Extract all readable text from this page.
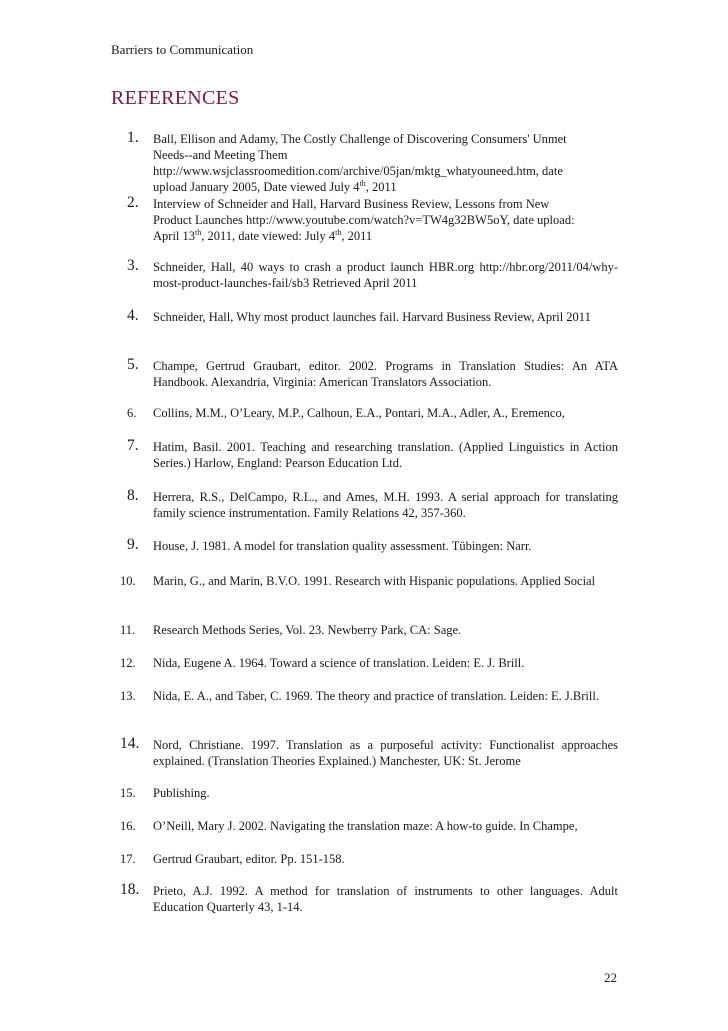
Barriers to Communication
REFERENCES
1. Ball, Ellison and Adamy, The Costly Challenge of Discovering Consumers' Unmet
Needs--and Meeting Them
http://www.wsjclassroomedition.com/archive/05jan/mktg_whatyouneed.htm, date
upload January 2005, Date viewed July 4th, 2011
2. Interview of Schneider and Hall, Harvard Business Review, Lessons from New
Product Launches http://www.youtube.com/watch?v=TW4g32BW5oY, date upload:
April 13th, 2011, date viewed: July 4th, 2011
3. Schneider, Hall, 40 ways to crash a product launch HBR.org http://hbr.org/2011/04/why-most-product-launches-fail/sb3 Retrieved April 2011
4. Schneider, Hall, Why most product launches fail. Harvard Business Review, April 2011
5. Champe, Gertrud Graubart, editor. 2002. Programs in Translation Studies: An ATA Handbook. Alexandria, Virginia: American Translators Association.
6. Collins, M.M., O’Leary, M.P., Calhoun, E.A., Pontari, M.A., Adler, A., Eremenco,
7. Hatim, Basil. 2001. Teaching and researching translation. (Applied Linguistics in Action Series.) Harlow, England: Pearson Education Ltd.
8. Herrera, R.S., DelCampo, R.L., and Ames, M.H. 1993. A serial approach for translating family science instrumentation. Family Relations 42, 357-360.
9. House, J. 1981. A model for translation quality assessment. Tübingen: Narr.
10. Marin, G., and Marin, B.V.O. 1991. Research with Hispanic populations. Applied Social
11. Research Methods Series, Vol. 23. Newberry Park, CA: Sage.
12. Nida, Eugene A. 1964. Toward a science of translation. Leiden: E. J. Brill.
13. Nida, E. A., and Taber, C. 1969. The theory and practice of translation. Leiden: E. J.Brill.
14. Nord, Christiane. 1997. Translation as a purposeful activity: Functionalist approaches explained. (Translation Theories Explained.) Manchester, UK: St. Jerome
15. Publishing.
16. O’Neill, Mary J. 2002. Navigating the translation maze: A how-to guide. In Champe,
17. Gertrud Graubart, editor. Pp. 151-158.
18. Prieto, A.J. 1992. A method for translation of instruments to other languages. Adult Education Quarterly 43, 1-14.
22
